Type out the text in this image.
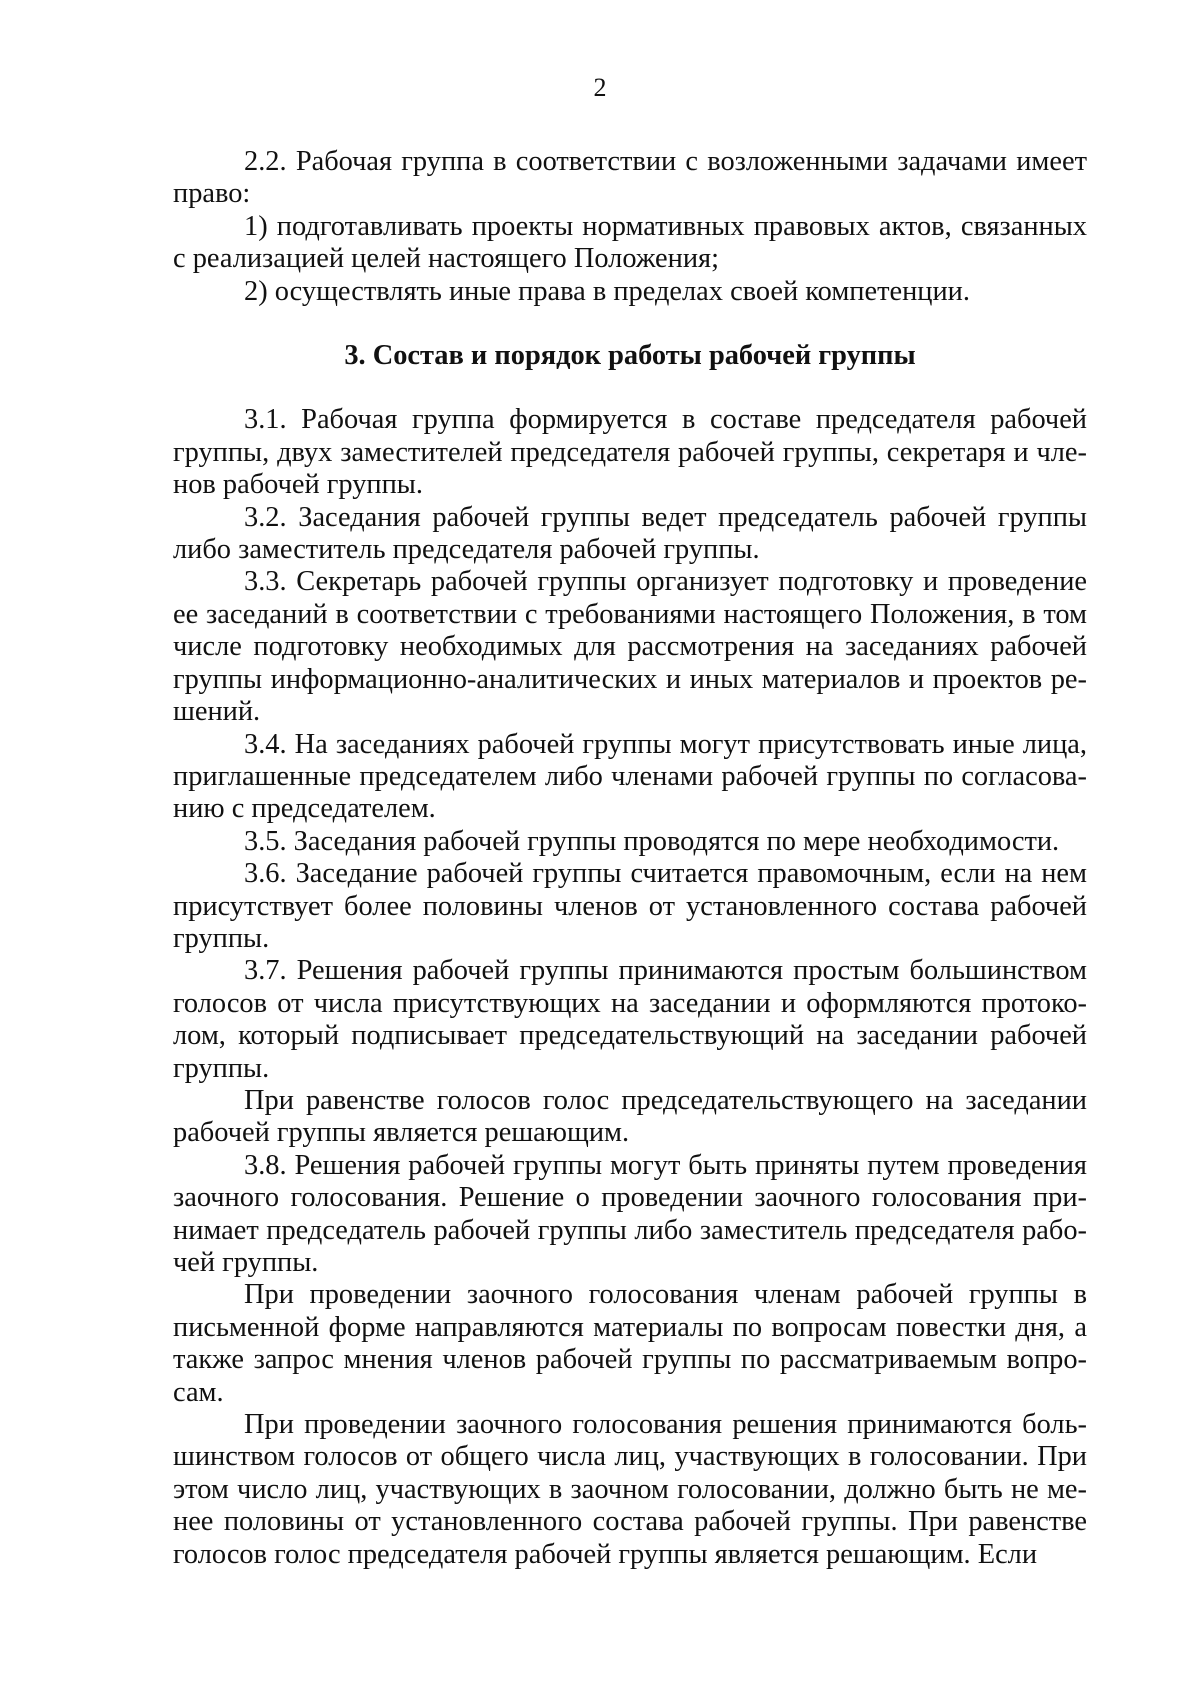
2

2.2. Рабочая группа в соответствии с возложенными задачами имеет право:

1) подготавливать проекты нормативных правовых актов, связанных с реализацией целей настоящего Положения;

2) осуществлять иные права в пределах своей компетенции.

3. Состав и порядок работы рабочей группы

3.1. Рабочая группа формируется в составе председателя рабочей группы, двух заместителей председателя рабочей группы, секретаря и членов рабочей группы.

3.2. Заседания рабочей группы ведет председатель рабочей группы либо заместитель председателя рабочей группы.

3.3. Секретарь рабочей группы организует подготовку и проведение ее заседаний в соответствии с требованиями настоящего Положения, в том числе подготовку необходимых для рассмотрения на заседаниях рабочей группы информационно-аналитических и иных материалов и проектов решений.

3.4. На заседаниях рабочей группы могут присутствовать иные лица, приглашенные председателем либо членами рабочей группы по согласованию с председателем.

3.5. Заседания рабочей группы проводятся по мере необходимости.

3.6. Заседание рабочей группы считается правомочным, если на нем присутствует более половины членов от установленного состава рабочей группы.

3.7. Решения рабочей группы принимаются простым большинством голосов от числа присутствующих на заседании и оформляются протоколом, который подписывает председательствующий на заседании рабочей группы.

При равенстве голосов голос председательствующего на заседании рабочей группы является решающим.

3.8. Решения рабочей группы могут быть приняты путем проведения заочного голосования. Решение о проведении заочного голосования принимает председатель рабочей группы либо заместитель председателя рабочей группы.

При проведении заочного голосования членам рабочей группы в письменной форме направляются материалы по вопросам повестки дня, а также запрос мнения членов рабочей группы по рассматриваемым вопросам.

При проведении заочного голосования решения принимаются большинством голосов от общего числа лиц, участвующих в голосовании. При этом число лиц, участвующих в заочном голосовании, должно быть не менее половины от установленного состава рабочей группы. При равенстве голосов голос председателя рабочей группы является решающим. Если
